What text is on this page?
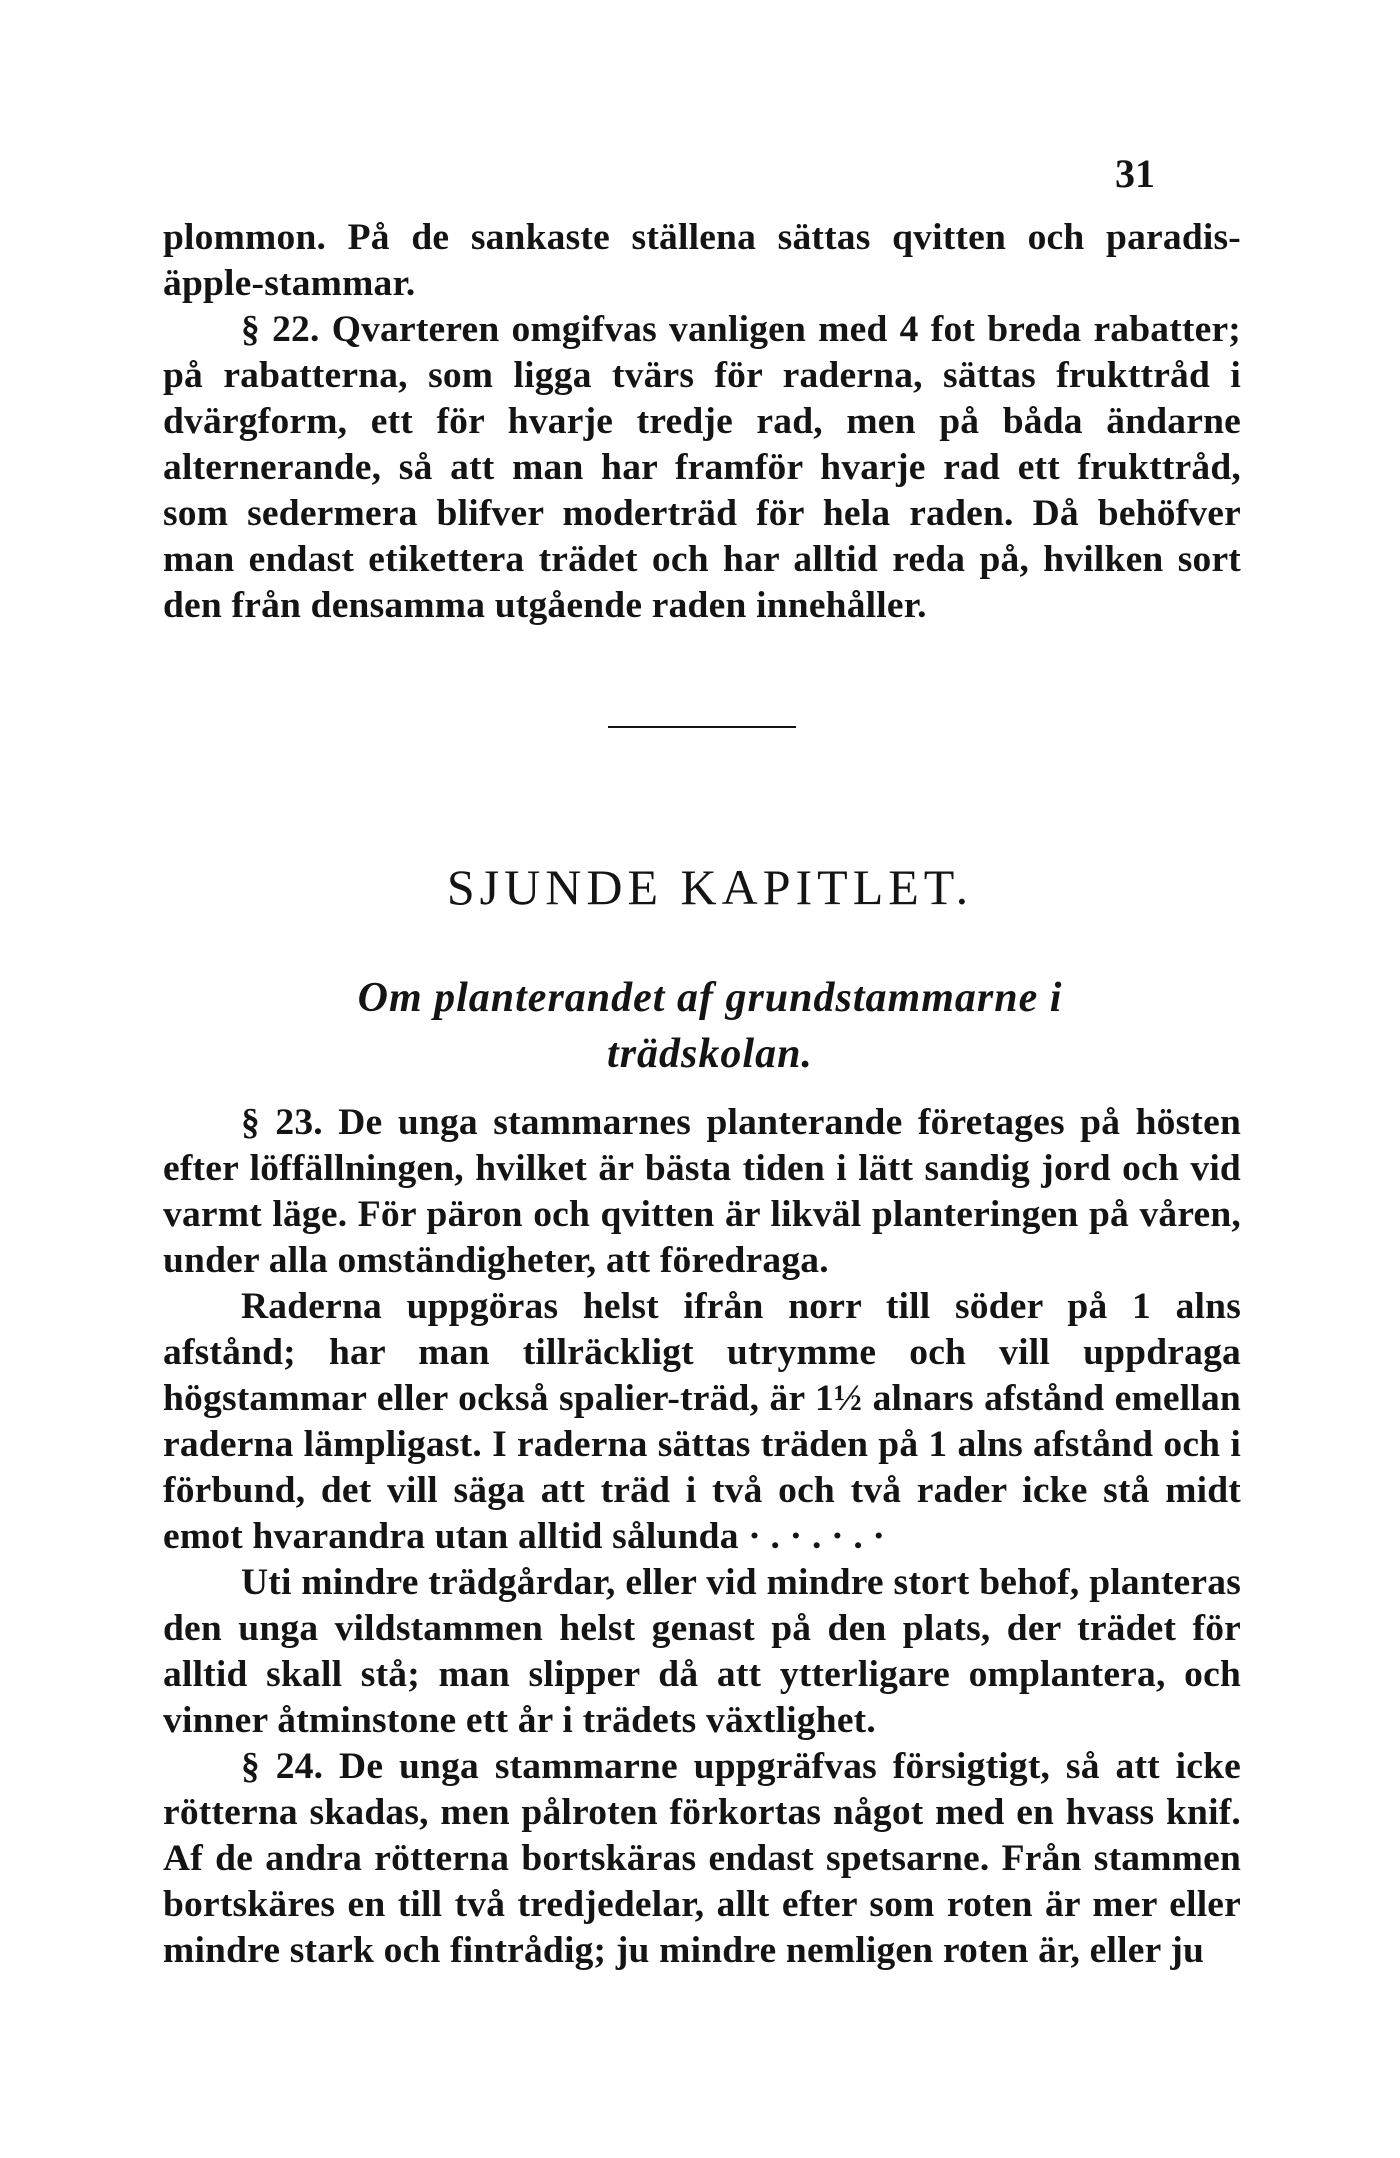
31

plommon. På de sankaste ställena sättas qvitten och paradis-äpple-stammar.

§ 22. Qvarteren omgifvas vanligen med 4 fot breda rabatter; på rabatterna, som ligga tvärs för raderna, sättas frukttråd i dvärgform, ett för hvarje tredje rad, men på båda ändarne alternerande, så att man har framför hvarje rad ett frukttråd, som sedermera blifver moderträd för hela raden. Då behöfver man endast etikettera trädet och har alltid reda på, hvilken sort den från densamma utgående raden innehåller.

SJUNDE KAPITLET.
Om planterandet af grundstammarne i trädskolan.

§ 23. De unga stammarnes planterande företages på hösten efter löffällningen, hvilket är bästa tiden i lätt sandig jord och vid varmt läge. För päron och qvitten är likväl planteringen på våren, under alla omständigheter, att föredraga.

Raderna uppgöras helst ifrån norr till söder på 1 alns afstånd; har man tillräckligt utrymme och vill uppdraga högstammar eller också spalier-träd, är 1½ alnars afstånd emellan raderna lämpligast. I raderna sättas träden på 1 alns afstånd och i förbund, det vill säga att träd i två och två rader icke stå midt emot hvarandra utan alltid sålunda · . · . · . ·

Uti mindre trädgårdar, eller vid mindre stort behof, planteras den unga vildstammen helst genast på den plats, der trädet för alltid skall stå; man slipper då att ytterligare omplantera, och vinner åtminstone ett år i trädets växtlighet.

§ 24. De unga stammarne uppgräfvas försigtigt, så att icke rötterna skadas, men pålroten förkortas något med en hvass knif. Af de andra rötterna bortskäras endast spetsarne. Från stammen bortskäres en till två tredjedelar, allt efter som roten är mer eller mindre stark och fintrådig; ju mindre nemligen roten är, eller ju
